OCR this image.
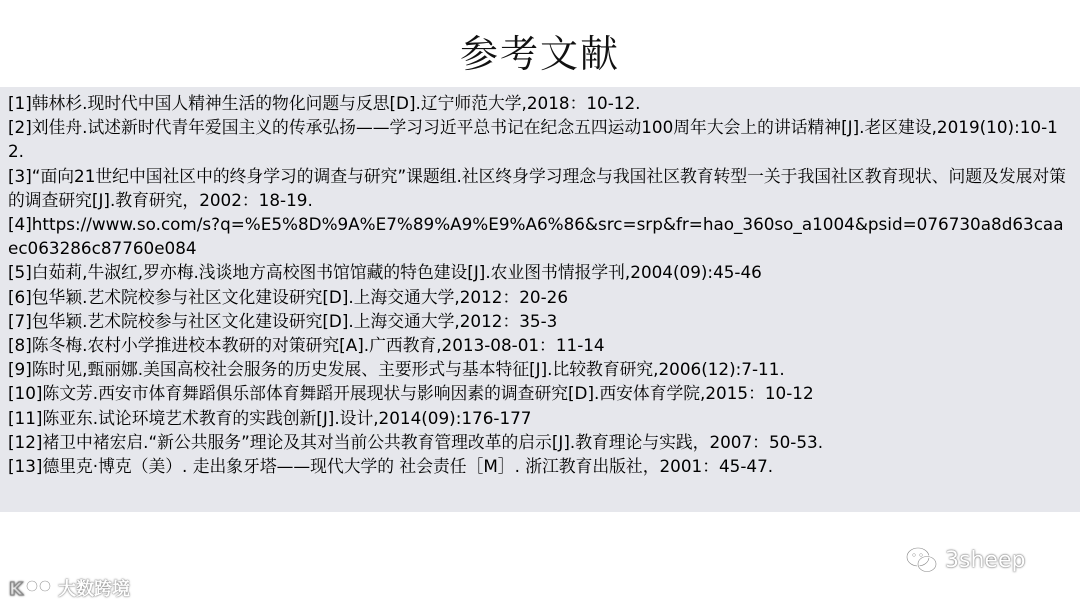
参考文献
[1]韩林杉.现时代中国人精神生活的物化问题与反思[D].辽宁师范大学,2018：10-12.
[2]刘佳舟.试述新时代青年爱国主义的传承弘扬——学习习近平总书记在纪念五四运动100周年大会上的讲话精神[J].老区建设,2019(10):10-12.
[3]“面向21世纪中国社区中的终身学习的调查与研究”课题组.社区终身学习理念与我国社区教育转型一关于我国社区教育现状、问题及发展对策的调查研究[J].教育研究，2002：18-19.
[4]https://www.so.com/s?q=%E5%8D%9A%E7%89%A9%E9%A6%86&src=srp&fr=hao_360so_a1004&psid=076730a8d63caaec063286c87760e084
[5]白茹莉,牛淑红,罗亦梅.浅谈地方高校图书馆馆藏的特色建设[J].农业图书情报学刊,2004(09):45-46
[6]包华颖.艺术院校参与社区文化建设研究[D].上海交通大学,2012：20-26
[7]包华颖.艺术院校参与社区文化建设研究[D].上海交通大学,2012：35-3
[8]陈冬梅.农村小学推进校本教研的对策研究[A].广西教育,2013-08-01：11-14
[9]陈时见,甄丽娜.美国高校社会服务的历史发展、主要形式与基本特征[J].比较教育研究,2006(12):7-11.
[10]陈文芳.西安市体育舞蹈俱乐部体育舞蹈开展现状与影响因素的调查研究[D].西安体育学院,2015：10-12
[11]陈亚东.试论环境艺术教育的实践创新[J].设计,2014(09):176-177
[12]褚卫中褚宏启.“新公共服务”理论及其对当前公共教育管理改革的启示[J].教育理论与实践，2007：50-53.
[13]德里克·博克（美）. 走出象牙塔——现代大学的 社会责任［M］. 浙江教育出版社，2001：45-47.
K 大数跨境
3sheep
